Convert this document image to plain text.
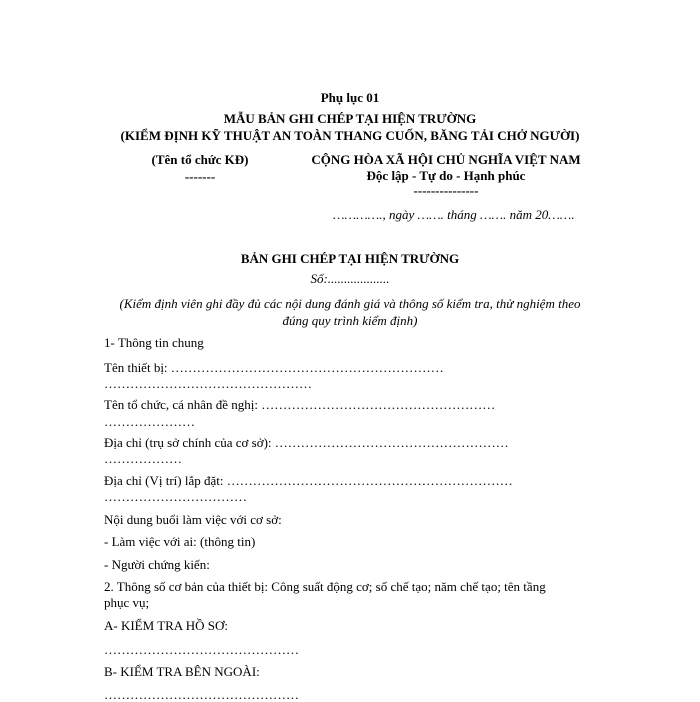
Phụ lục 01
MẪU BẢN GHI CHÉP TẠI HIỆN TRƯỜNG
(KIỂM ĐỊNH KỸ THUẬT AN TOÀN THANG CUỐN, BĂNG TẢI CHỞ NGƯỜI)
(Tên tổ chức KĐ)
-------
CỘNG HÒA XÃ HỘI CHỦ NGHĨA VIỆT NAM
Độc lập - Tự do - Hạnh phúc
---------------
…………., ngày ……. tháng ……. năm 20…….
BẢN GHI CHÉP TẠI HIỆN TRƯỜNG
Số:...................
(Kiểm định viên ghi đầy đủ các nội dung đánh giá và thông số kiểm tra, thử nghiệm theo
đúng quy trình kiểm định)
1- Thông tin chung
Tên thiết bị: ………………………………………………………
…………………………………………
Tên tổ chức, cá nhân đề nghị: ………………………………………………
…………………
Địa chỉ (trụ sở chính của cơ sở): ………………………………………………
………………
Địa chỉ (Vị trí) lắp đặt: …………………………………………………………
……………………………
Nội dung buổi làm việc với cơ sở:
- Làm việc với ai: (thông tin)
- Người chứng kiến:
2. Thông số cơ bản của thiết bị: Công suất động cơ; số chế tạo; năm chế tạo; tên tầng
phục vụ;
A- KIỂM TRA HỒ SƠ:
………………………………………
B- KIỂM TRA BÊN NGOÀI:
………………………………………
